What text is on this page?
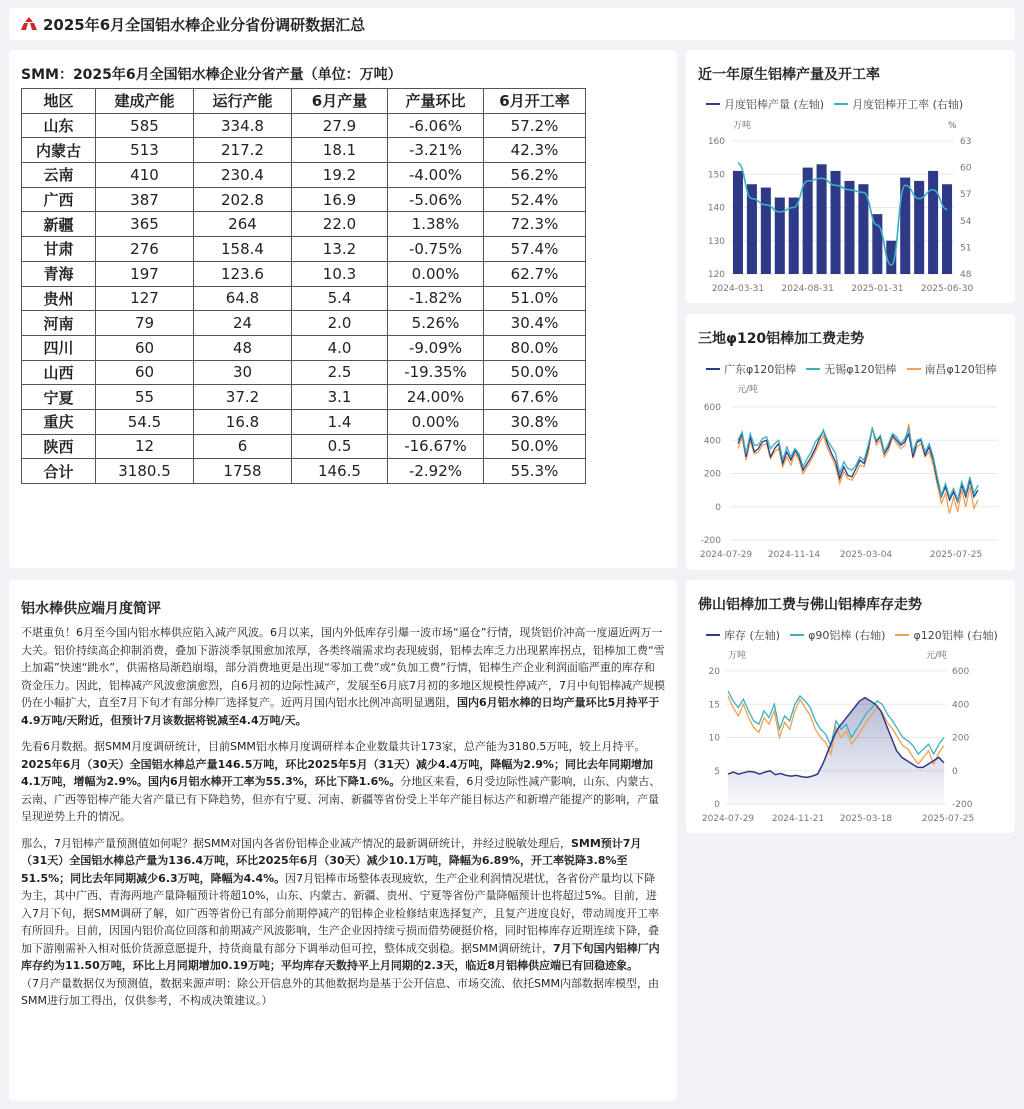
2025年6月全国铝水棒企业分省份调研数据汇总
SMM：2025年6月全国铝水棒企业分省产量（单位：万吨）
地区	建成产能	运行产能	6月产量	产量环比	6月开工率
山东	585	334.8	27.9	-6.06%	57.2%
内蒙古	513	217.2	18.1	-3.21%	42.3%
云南	410	230.4	19.2	-4.00%	56.2%
广西	387	202.8	16.9	-5.06%	52.4%
新疆	365	264	22.0	1.38%	72.3%
甘肃	276	158.4	13.2	-0.75%	57.4%
青海	197	123.6	10.3	0.00%	62.7%
贵州	127	64.8	5.4	-1.82%	51.0%
河南	79	24	2.0	5.26%	30.4%
四川	60	48	4.0	-9.09%	80.0%
山西	60	30	2.5	-19.35%	50.0%
宁夏	55	37.2	3.1	24.00%	67.6%
重庆	54.5	16.8	1.4	0.00%	30.8%
陕西	12	6	0.5	-16.67%	50.0%
合计	3180.5	1758	146.5	-2.92%	55.3%
近一年原生铝棒产量及开工率
月度铝棒产量 (左轴)	月度铝棒开工率 (右轴)
万吨	%
120
130
140
150
160
48
51
54
57
60
63
2024-03-31 2024-08-31 2025-01-31 2025-06-30
三地φ120铝棒加工费走势
广东φ120铝棒	无锡φ120铝棒	南昌φ120铝棒
元/吨
-200
0
200
400
600
2024-07-29 2024-11-14 2025-03-04	2025-07-25
佛山铝棒加工费与佛山铝棒库存走势
库存 (左轴)	φ90铝棒 (右轴)	φ120铝棒 (右轴)
万吨	元/吨
0
5
10
15
20
-200
0
200
400
600
2024-07-29 2024-11-21 2025-03-18	2025-07-25
铝水棒供应端月度简评

不堪重负！6月至今国内铝水棒供应陷入减产风波。6月以来，国内外低库存引爆一波市场“逼仓”行情，现货铝价冲高一度逼近两万一大关。铝价持续高企抑制消费，叠加下游淡季氛围愈加浓厚，各类终端需求均表现疲弱，铝棒去库乏力出现累库拐点，铝棒加工费“雪上加霜”快速“跳水”，供需格局渐趋崩塌，部分消费地更是出现“零加工费”或“负加工费”行情，铝棒生产企业利润面临严重的库存和资金压力。因此，铝棒减产风波愈演愈烈，自6月初的边际性减产，发展至6月底7月初的多地区规模性停减产，7月中旬铝棒减产规模仍在小幅扩大，直至7月下旬才有部分棒厂选择复产。近两月国内铝水比例冲高明显遇阻，国内6月铝水棒的日均产量环比5月持平于4.9万吨/天附近，但预计7月该数据将锐减至4.4万吨/天。

先看6月数据。据SMM月度调研统计，目前SMM铝水棒月度调研样本企业数量共计173家，总产能为3180.5万吨，较上月持平。2025年6月（30天）全国铝水棒总产量146.5万吨，环比2025年5月（31天）减少4.4万吨，降幅为2.9%；同比去年同期增加4.1万吨，增幅为2.9%。国内6月铝水棒开工率为55.3%，环比下降1.6%。分地区来看，6月受边际性减产影响，山东、内蒙古、云南、广西等铝棒产能大省产量已有下降趋势，但亦有宁夏、河南、新疆等省份受上半年产能目标达产和新增产能提产的影响，产量呈现逆势上升的情况。

那么，7月铝棒产量预测值如何呢？据SMM对国内各省份铝棒企业减产情况的最新调研统计，并经过脱敏处理后，SMM预计7月（31天）全国铝水棒总产量为136.4万吨，环比2025年6月（30天）减少10.1万吨，降幅为6.89%，开工率锐降3.8%至51.5%；同比去年同期减少6.3万吨，降幅为4.4%。因7月铝棒市场整体表现疲软，生产企业利润情况堪忧，各省份产量均以下降为主，其中广西、青海两地产量降幅预计将超10%，山东、内蒙古、新疆、贵州、宁夏等省份产量降幅预计也将超过5%。目前，进入7月下旬，据SMM调研了解，如广西等省份已有部分前期停减产的铝棒企业检修结束选择复产，且复产进度良好，带动周度开工率有所回升。目前，因国内铝价高位回落和前期减产风波影响，生产企业因持续亏损而借势硬挺价格，同时铝棒库存近期连续下降，叠加下游刚需补入相对低价货源意愿提升，持货商量有部分下调举动但可控，整体成交弱稳。据SMM调研统计，7月下旬国内铝棒厂内库存约为11.50万吨，环比上月同期增加0.19万吨；平均库存天数持平上月同期的2.3天，临近8月铝棒供应端已有回稳迹象。
（7月产量数据仅为预测值，数据来源声明：除公开信息外的其他数据均是基于公开信息、市场交流、依托SMM内部数据库模型，由SMM进行加工得出，仅供参考，不构成决策建议。）
